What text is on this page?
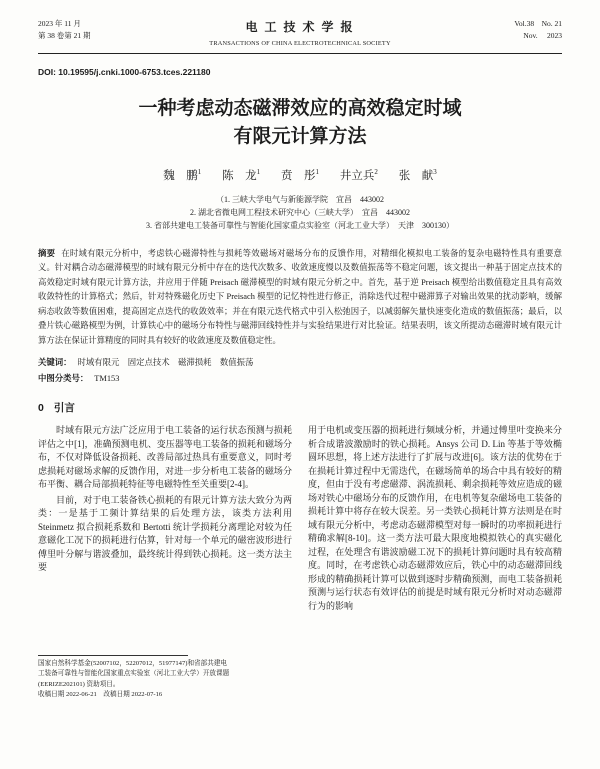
2023 年 11 月
第 38 卷第 21 期
电 工 技 术 学 报
TRANSACTIONS OF CHINA ELECTROTECHNICAL SOCIETY
Vol.38　No. 21
Nov.　 2023
DOI: 10.19595/j.cnki.1000-6753.tces.221180
一种考虑动态磁滞效应的高效稳定时域
有限元计算方法
魏　鹏$^1$ 陈　龙$^1$ 贲　彤$^1$ 井立兵$^2$ 张　献$^3$
（1. 三峡大学电气与新能源学院　宜昌　443002
2. 湖北省微电网工程技术研究中心（三峡大学）　宜昌　443002
3. 省部共建电工装备可靠性与智能化国家重点实验室（河北工业大学）　天津　300130）

摘要 在时域有限元分析中，考虑铁心磁滞特性与损耗等效磁场对磁场分布的反馈作用，对精细化模拟电工装备的复杂电磁特性具有重要意义。针对耦合动态磁滞模型的时域有限元分析中存在的迭代次数多、收敛速度慢以及数值振荡等不稳定问题，该文提出一种基于固定点技术的高效稳定时域有限元计算方法，并应用于伴随 Preisach 磁滞模型的时域有限元分析之中。首先，基于逆 Preisach 模型给出数值稳定且具有高效收敛特性的计算格式；然后，针对特殊磁化历史下 Preisach 模型的记忆特性进行修正，消除迭代过程中磁滞算子对输出效果的扰动影响，缓解病态收敛等数值困难，提高固定点迭代的收敛效率；并在有限元迭代格式中引入松弛因子，以减弱解矢量快速变化造成的数值振荡；最后，以叠片铁心磁路模型为例，计算铁心中的磁场分布特性与磁滞回线特性并与实验结果进行对比验证。结果表明，该文所提动态磁滞时域有限元计算方法在保证计算精度的同时具有较好的收敛速度及数值稳定性。

关键词： 时域有限元　固定点技术　磁滞损耗　数值振荡

中图分类号： TM153

0 引言

时域有限元方法广泛应用于电工装备的运行状态预测与损耗评估之中[1]，准确预测电机、变压器等电工装备的损耗和磁场分布，不仅对降低设备损耗、改善局部过热具有重要意义，同时考虑损耗对磁场求解的反馈作用，对进一步分析电工装备的磁场分布平衡、耦合局部损耗特征等电磁特性至关重要[2-4]。

目前，对于电工装备铁心损耗的有限元计算方法大致分为两类：一是基于工频计算结果的后处理方法，该类方法利用 Steinmetz 拟合损耗系数和 Bertotti 统计学损耗分离理论对较为任意磁化工况下的损耗进行估算，针对每一个单元的磁密波形进行傅里叶分解与谐波叠加，最终统计得到铁心损耗。这一类方法主要

国家自然科学基金(52007102，52207012，51977147)和省部共建电
工装备可靠性与智能化国家重点实验室（河北工业大学）开放课题
(EERIZE202101) 资助项目。
收稿日期 2022-06-21　改稿日期 2022-07-16

用于电机或变压器的损耗进行频域分析，并通过傅里叶变换来分析合成谐波激励时的铁心损耗。Ansys 公司 D. Lin 等基于等效椭圆环思想，将上述方法进行了扩展与改进[6]。该方法的优势在于在损耗计算过程中无需迭代，在磁场简单的场合中具有较好的精度，但由于没有考虑磁滞、涡流损耗、剩余损耗等效应造成的磁场对铁心中磁场分布的反馈作用，在电机等复杂磁场电工装备的损耗计算中将存在较大误差。另一类铁心损耗计算方法则是在时域有限元分析中，考虑动态磁滞模型对每一瞬时的功率损耗进行精确求解[8-10]。这一类方法可最大限度地模拟铁心的真实磁化过程，在处理含有谐波励磁工况下的损耗计算问题时具有较高精度。同时，在考虑铁心动态磁滞效应后，铁心中的动态磁滞回线形成的精确损耗计算可以做到逐时步精确预测，而电工装备损耗预测与运行状态有效评估的前提是时域有限元分析时对动态磁滞行为的影响
